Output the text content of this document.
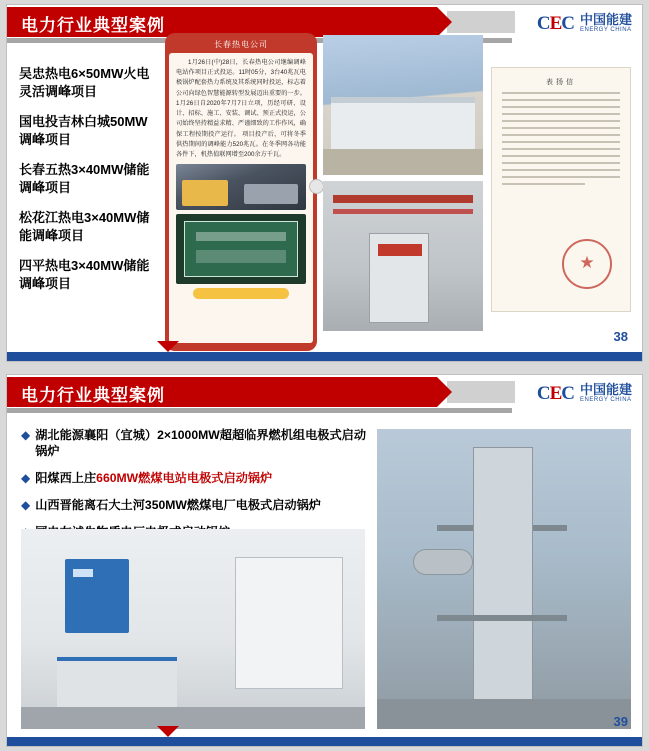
电力行业典型案例	C E C 中国能建
ENERGY CHINA
吴忠热电6×50MW火电灵活调峰项目
国电投吉林白城50MW调峰项目
长春五热3×40MW储能调峰项目
松花江热电3×40MW储能调峰项目
四平热电3×40MW储能调峰项目
长春热电公司
1月26日(中)28日，长春热电公司继编调峰电站作项目正式投运。11时05分，3台40兆瓦电极锅炉配套热力系统及其系统同时投运，标志着公司向绿色智慧能源转型发展迈出重要的一步。 1月26日自2020年7月7日立项，历经可研、设计、招标、施工、安装、调试、预正式投运，公司始终坚持精益求精、严谨细致的工作作风，确保工程按期投产运行。 项目投产后，可将冬季供热期间的调峰能力520兆瓦。在冬季网各功能各件下，机热值联网增至200余方千瓦。
表扬信
★
38
电力行业典型案例	C E C 中国能建
ENERGY CHINA
◆ 湖北能源襄阳（宜城）2×1000MW超超临界燃机组电极式启动锅炉
◆ 阳煤西上庄660MW燃煤电站电极式启动锅炉
◆ 山西晋能离石大土河350MW燃煤电厂电极式启动锅炉
39
